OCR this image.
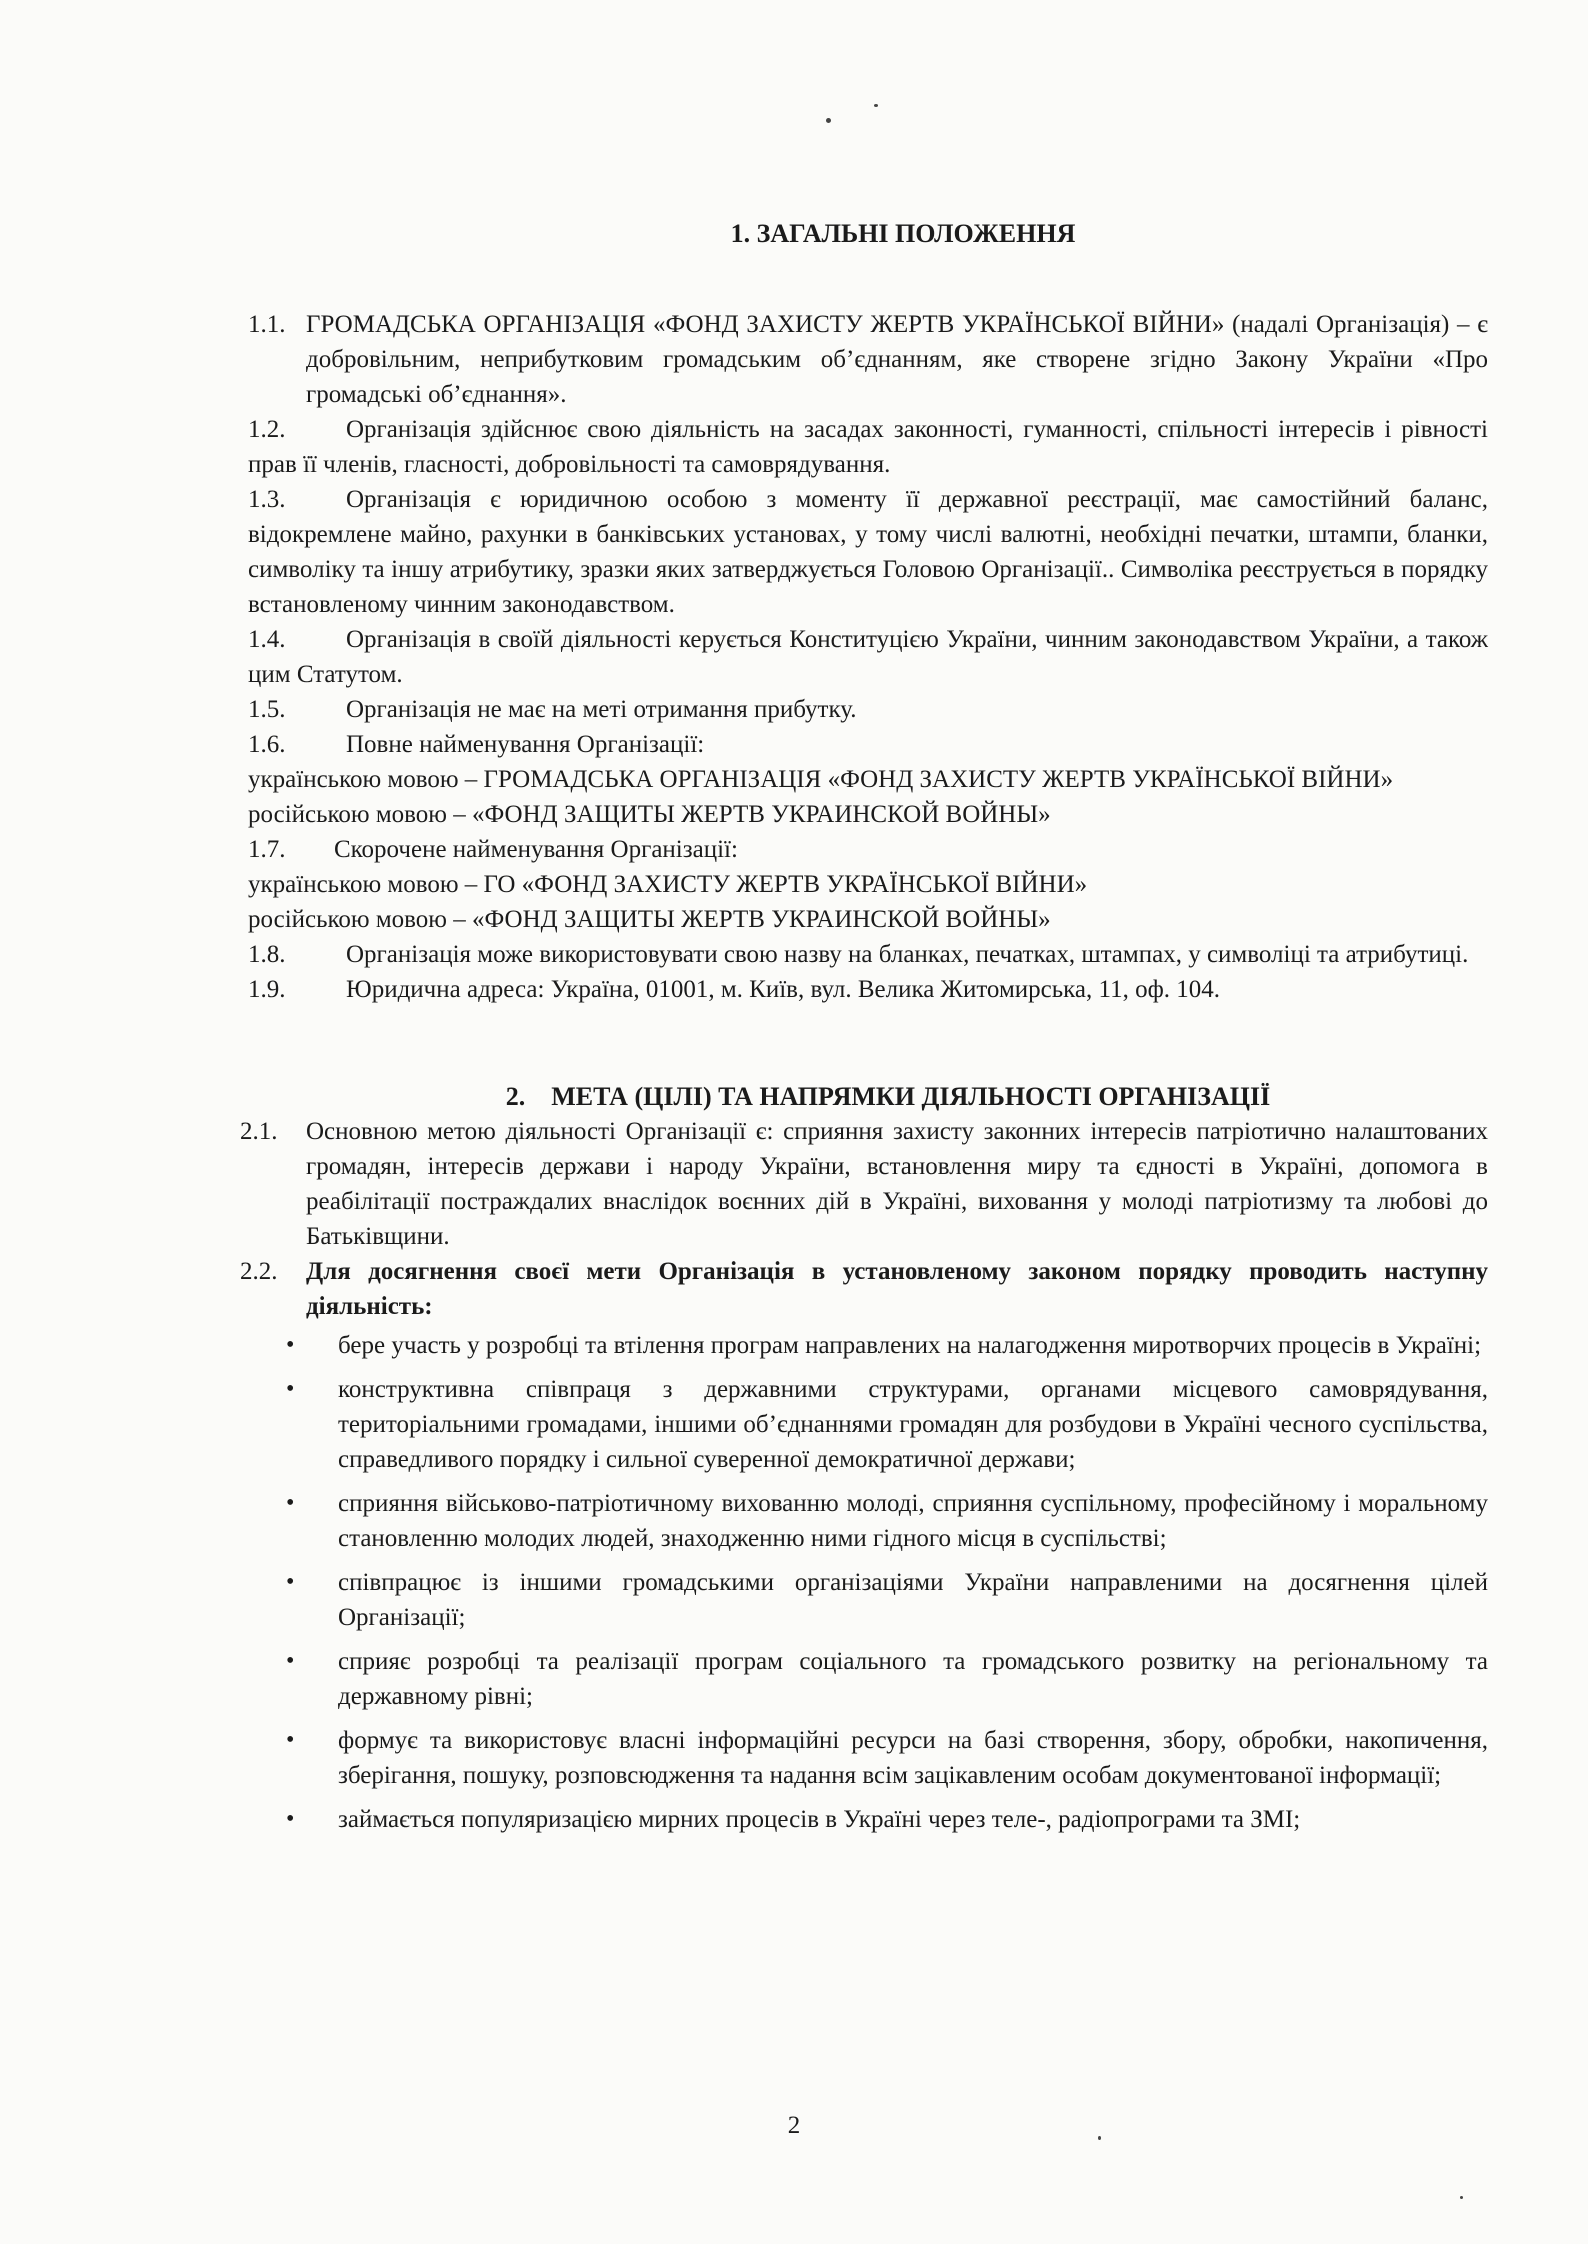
1. ЗАГАЛЬНІ ПОЛОЖЕННЯ

1.1. ГРОМАДСЬКА ОРГАНІЗАЦІЯ «ФОНД ЗАХИСТУ ЖЕРТВ УКРАЇНСЬКОЇ ВІЙНИ» (надалі Організація) – є добровільним, неприбутковим громадським об’єднанням, яке створене згідно Закону України «Про громадські об’єднання».

1.2. Організація здійснює свою діяльність на засадах законності, гуманності, спільності інтересів і рівності прав її членів, гласності, добровільності та самоврядування.

1.3. Організація є юридичною особою з моменту її державної реєстрації, має самостійний баланс, відокремлене майно, рахунки в банківських установах, у тому числі валютні, необхідні печатки, штампи, бланки, символіку та іншу атрибутику, зразки яких затверджується Головою Організації.. Символіка реєструється в порядку встановленому чинним законодавством.

1.4. Організація в своїй діяльності керується Конституцією України, чинним законодавством України, а також цим Статутом.

1.5. Організація не має на меті отримання прибутку.

1.6. Повне найменування Організації:

українською мовою – ГРОМАДСЬКА ОРГАНІЗАЦІЯ «ФОНД ЗАХИСТУ ЖЕРТВ УКРАЇНСЬКОЇ ВІЙНИ»

російською мовою – «ФОНД ЗАЩИТЫ ЖЕРТВ УКРАИНСКОЙ ВОЙНЫ»

1.7. Скорочене найменування Організації:

українською мовою – ГО «ФОНД ЗАХИСТУ ЖЕРТВ УКРАЇНСЬКОЇ ВІЙНИ»

російською мовою – «ФОНД ЗАЩИТЫ ЖЕРТВ УКРАИНСКОЙ ВОЙНЫ»

1.8. Організація може використовувати свою назву на бланках, печатках, штампах, у символіці та атрибутиці.

1.9. Юридична адреса: Україна, 01001, м. Київ, вул. Велика Житомирська, 11, оф. 104.

2.    МЕТА (ЦІЛІ) ТА НАПРЯМКИ ДІЯЛЬНОСТІ ОРГАНІЗАЦІЇ

2.1. Основною метою діяльності Організації є: сприяння захисту законних інтересів патріотично налаштованих громадян, інтересів держави і народу України, встановлення миру та єдності в Україні, допомога в реабілітації постраждалих внаслідок воєнних дій в Україні, виховання у молоді патріотизму та любові до Батьківщини.

2.2. Для досягнення своєї мети Організація в установленому законом порядку проводить наступну діяльність:

• бере участь у розробці та втілення програм направлених на налагодження миротворчих процесів в Україні;
• конструктивна співпраця з державними структурами, органами місцевого самоврядування, територіальними громадами, іншими об’єднаннями громадян для розбудови в Україні чесного суспільства, справедливого порядку і сильної суверенної демократичної держави;
• сприяння військово-патріотичному вихованню молоді, сприяння суспільному, професійному і моральному становленню молодих людей, знаходженню ними гідного місця в суспільстві;
• співпрацює із іншими громадськими організаціями України направленими на досягнення цілей Організації;
• сприяє розробці та реалізації програм соціального та громадського розвитку на регіональному та державному рівні;
• формує та використовує власні інформаційні ресурси на базі створення, збору, обробки, накопичення, зберігання, пошуку, розповсюдження та надання всім зацікавленим особам документованої інформації;
• займається популяризацією мирних процесів в Україні через теле-, радіопрограми та ЗМІ;
2
